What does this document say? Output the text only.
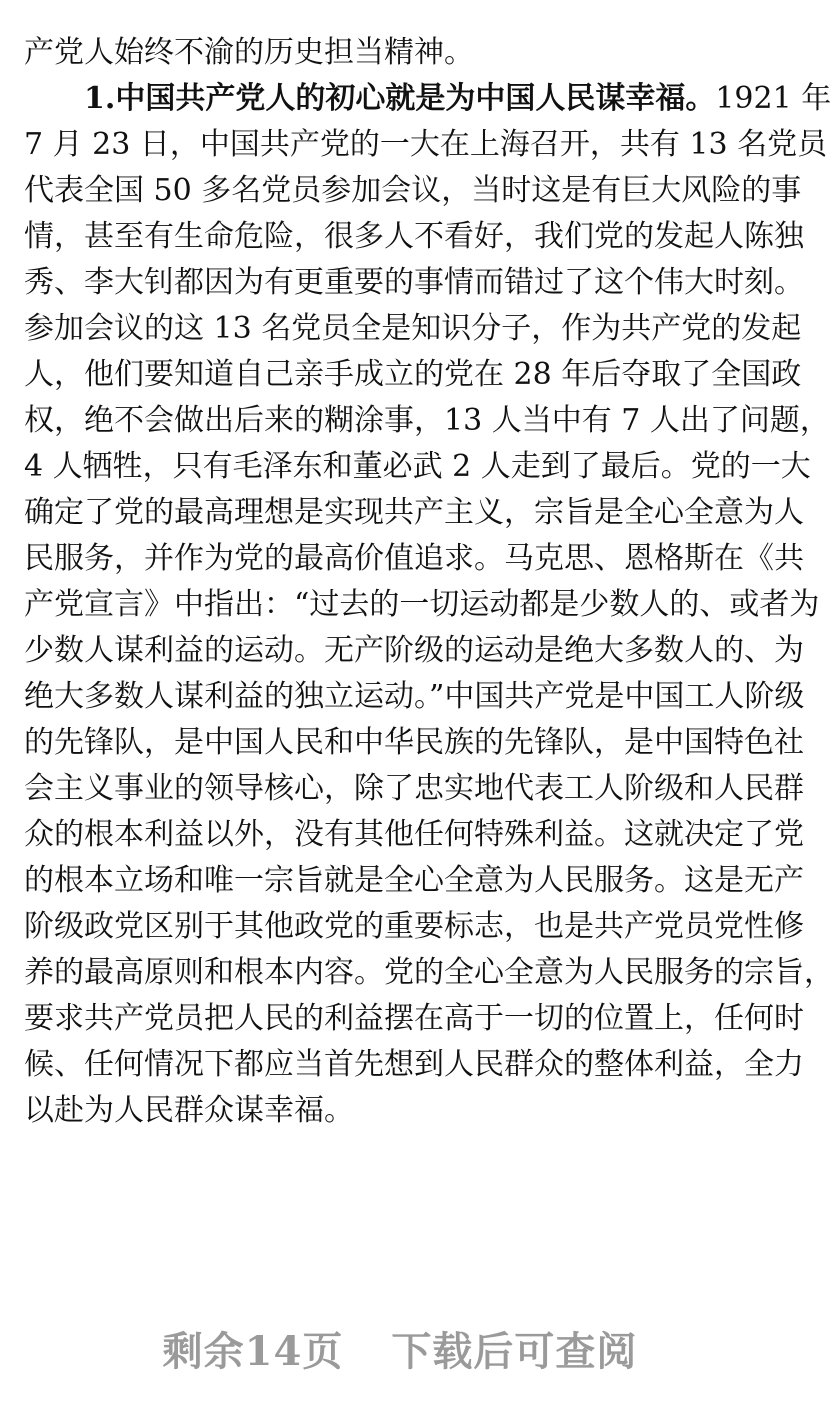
产党人始终不渝的历史担当精神。
1.中国共产党人的初心就是为中国人民谋幸福。1921 年
7 月 23 日，中国共产党的一大在上海召开，共有 13 名党员
代表全国 50 多名党员参加会议，当时这是有巨大风险的事
情，甚至有生命危险，很多人不看好，我们党的发起人陈独
秀、李大钊都因为有更重要的事情而错过了这个伟大时刻。
参加会议的这 13 名党员全是知识分子，作为共产党的发起
人，他们要知道自己亲手成立的党在 28 年后夺取了全国政
权，绝不会做出后来的糊涂事，13 人当中有 7 人出了问题，
4 人牺牲，只有毛泽东和董必武 2 人走到了最后。党的一大
确定了党的最高理想是实现共产主义，宗旨是全心全意为人
民服务，并作为党的最高价值追求。马克思、恩格斯在《共
产党宣言》中指出：“过去的一切运动都是少数人的、或者为
少数人谋利益的运动。无产阶级的运动是绝大多数人的、为
绝大多数人谋利益的独立运动。”中国共产党是中国工人阶级
的先锋队，是中国人民和中华民族的先锋队，是中国特色社
会主义事业的领导核心，除了忠实地代表工人阶级和人民群
众的根本利益以外，没有其他任何特殊利益。这就决定了党
的根本立场和唯一宗旨就是全心全意为人民服务。这是无产
阶级政党区别于其他政党的重要标志，也是共产党员党性修
养的最高原则和根本内容。党的全心全意为人民服务的宗旨，
要求共产党员把人民的利益摆在高于一切的位置上，任何时
候、任何情况下都应当首先想到人民群众的整体利益，全力
以赴为人民群众谋幸福。
剩余14页 下载后可查阅
